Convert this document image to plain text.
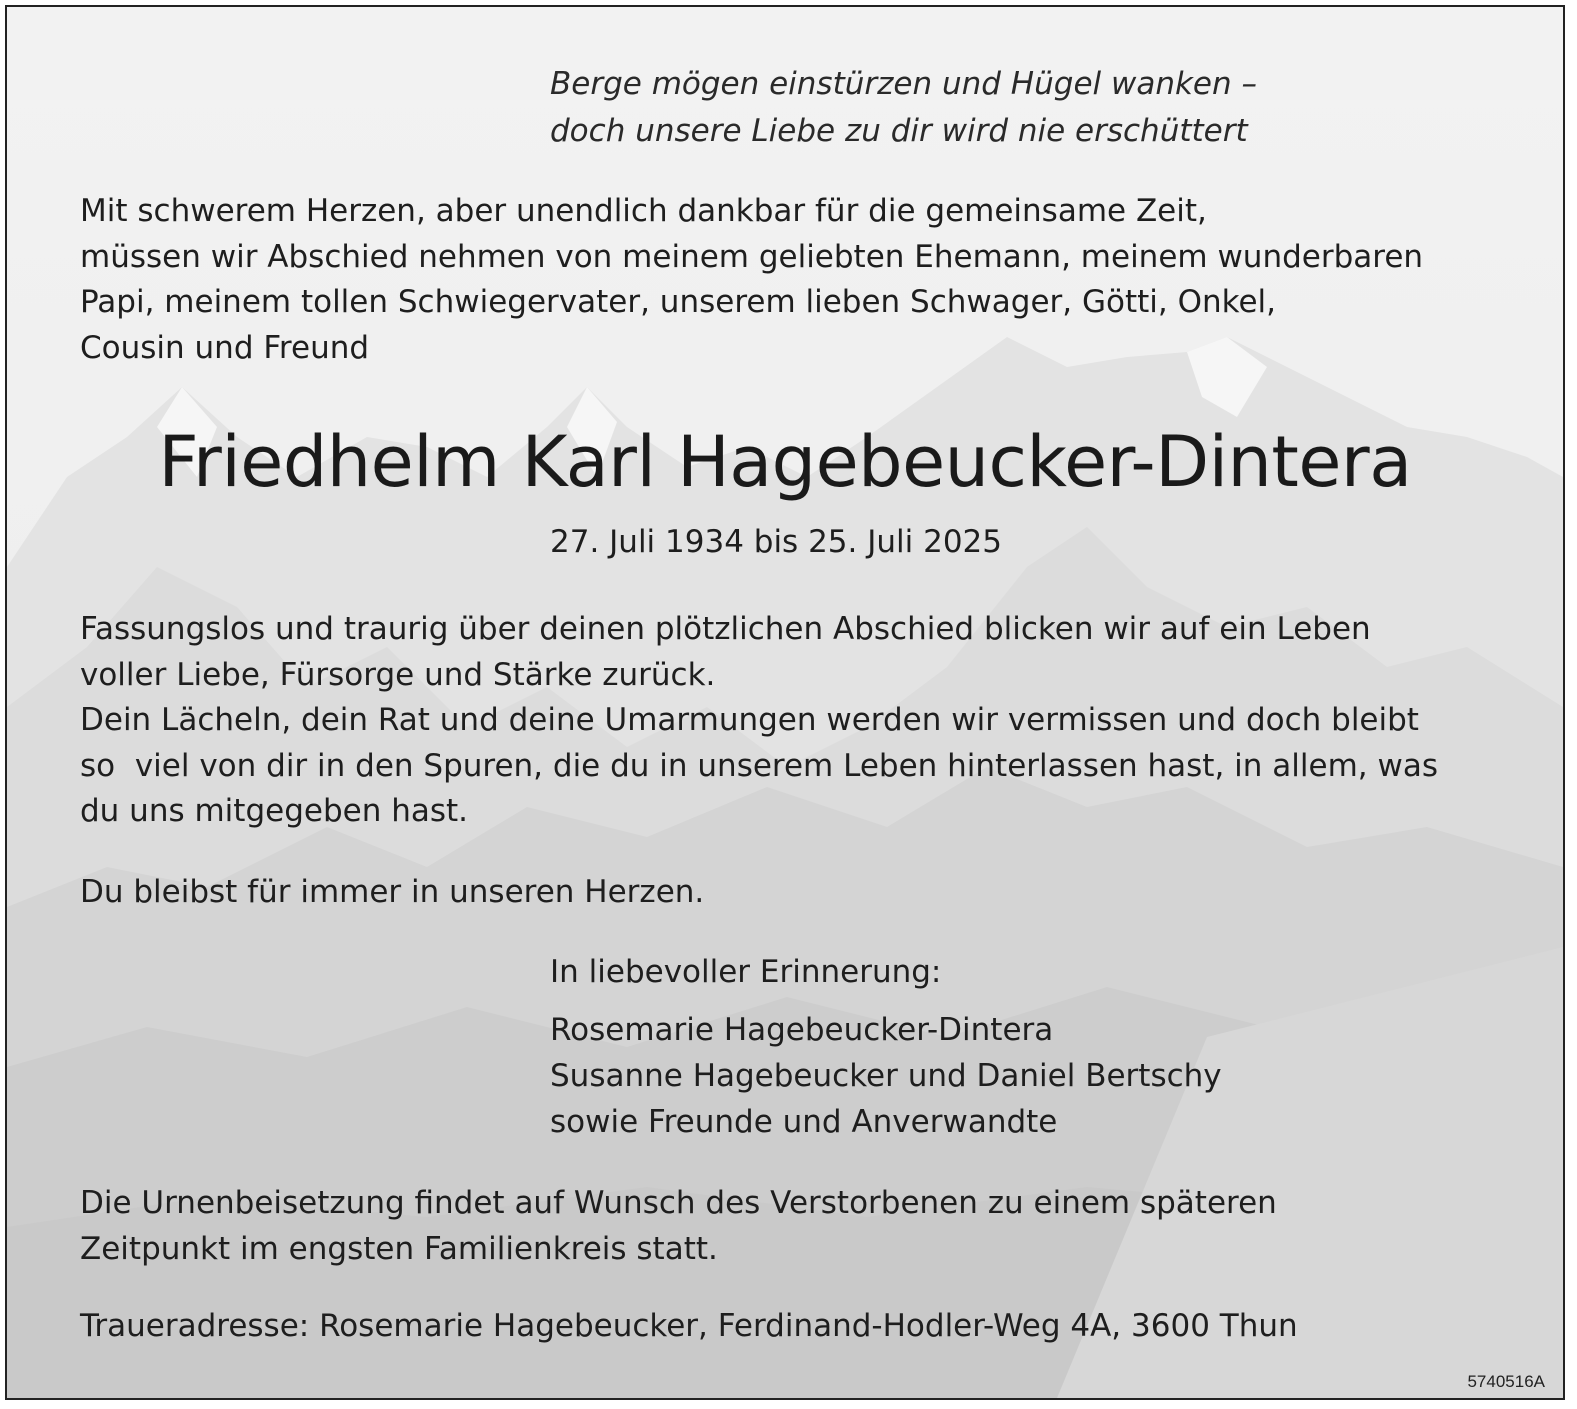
Berge mögen einstürzen und Hügel wanken –
doch unsere Liebe zu dir wird nie erschüttert
Mit schwerem Herzen, aber unendlich dankbar für die gemeinsame Zeit,
müssen wir Abschied nehmen von meinem geliebten Ehemann, meinem wunderbaren
Papi, meinem tollen Schwiegervater, unserem lieben Schwager, Götti, Onkel,
Cousin und Freund
Friedhelm Karl Hagebeucker-Dintera
27. Juli 1934 bis 25. Juli 2025
Fassungslos und traurig über deinen plötzlichen Abschied blicken wir auf ein Leben
voller Liebe, Fürsorge und Stärke zurück.
Dein Lächeln, dein Rat und deine Umarmungen werden wir vermissen und doch bleibt
so  viel von dir in den Spuren, die du in unserem Leben hinterlassen hast, in allem, was
du uns mitgegeben hast.
Du bleibst für immer in unseren Herzen.
In liebevoller Erinnerung:
Rosemarie Hagebeucker-Dintera
Susanne Hagebeucker und Daniel Bertschy
sowie Freunde und Anverwandte
Die Urnenbeisetzung findet auf Wunsch des Verstorbenen zu einem späteren
Zeitpunkt im engsten Familienkreis statt.
Traueradresse: Rosemarie Hagebeucker, Ferdinand-Hodler-Weg 4A, 3600 Thun
5740516A
